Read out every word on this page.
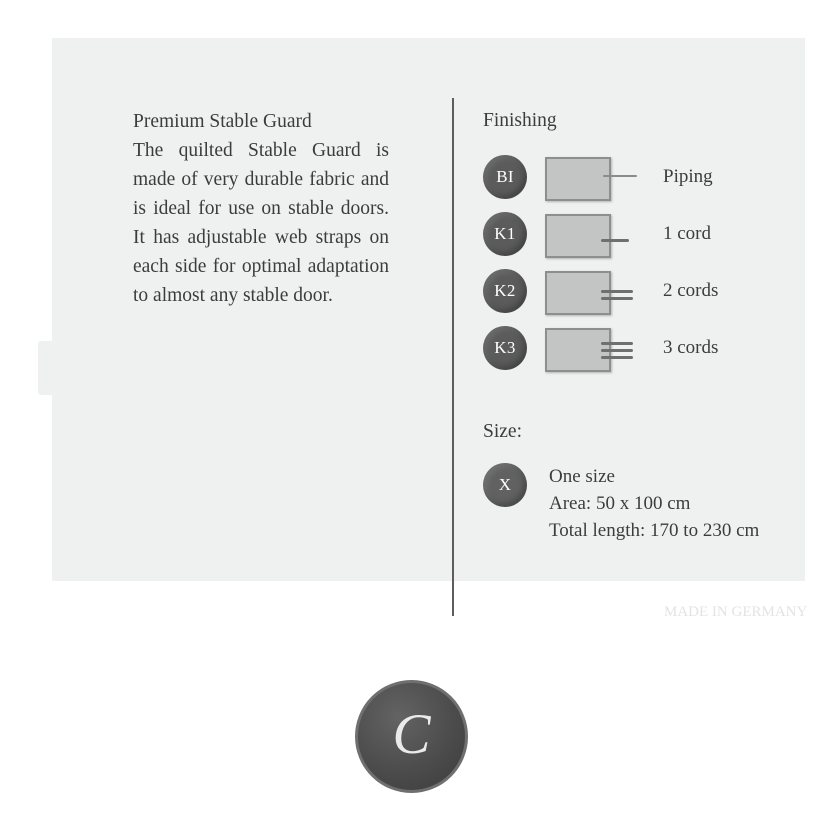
Premium Stable Guard

The quilted Stable Guard is made of very durable fabric and is ideal for use on stable doors. It has adjustable web straps on each side for optimal adaptation to almost any stable door.

Finishing

BI	Piping
K1	1 cord
K2	2 cords
K3	3 cords

Size:

X	One size
Area: 50 x 100 cm
Total length: 170 to 230 cm
MADE IN GERMANY
C
